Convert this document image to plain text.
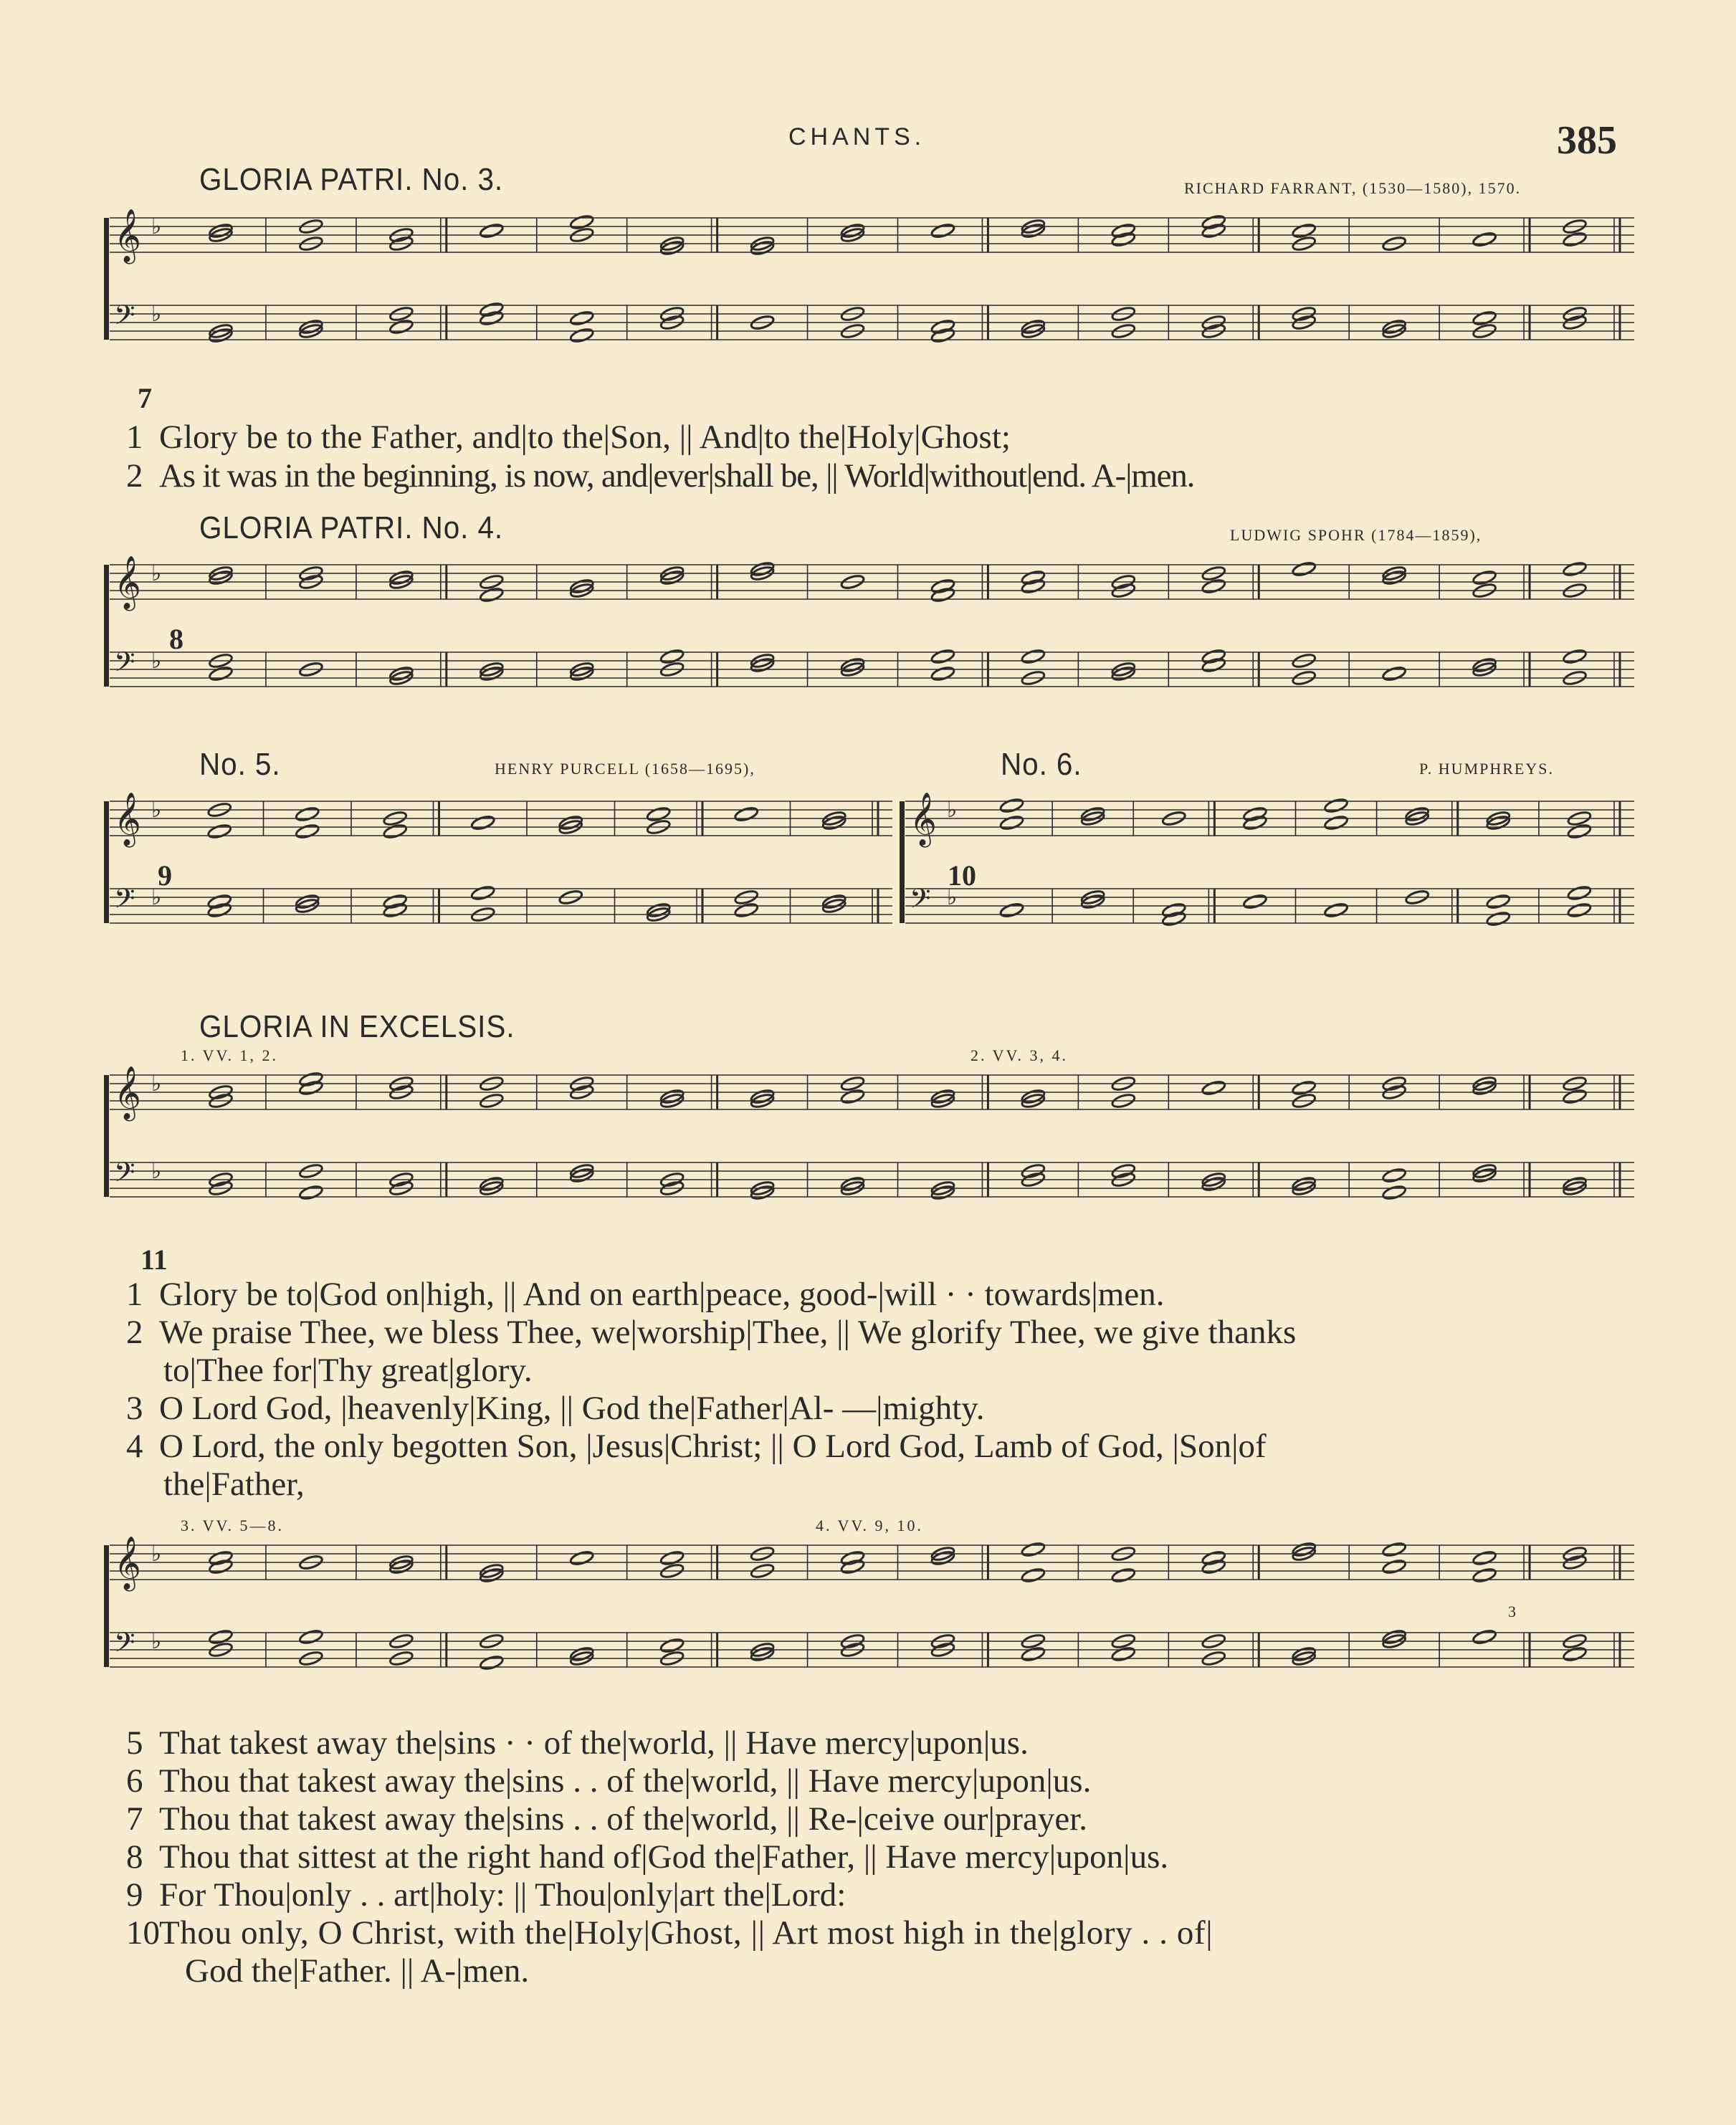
CHANTS.	385
GLORIA PATRI. No. 3.	RICHARD FARRANT, (1530—1580), 1570.
𝄞 ♭
𝄢 ♭
7
1 Glory be to the Father, and|to the|Son, || And|to the|Holy|Ghost;
2 As it was in the beginning, is now, and|ever|shall be, || World|without|end. A-|men.
GLORIA PATRI. No. 4.	LUDWIG SPOHR (1784—1859),
𝄞 ♭
𝄢 ♭
8
No. 5.	HENRY PURCELL (1658—1695),
𝄞 ♭
𝄢 ♭
9
No. 6.	P. HUMPHREYS.
𝄞 ♭
𝄢 ♭
10
GLORIA IN EXCELSIS.
1. VV. 1, 2.	2. VV. 3, 4.
𝄞 ♭
𝄢 ♭
11
1 Glory be to|God on|high, || And on earth|peace, good-|will · · towards|men.
2 We praise Thee, we bless Thee, we|worship|Thee, || We glorify Thee, we give thanks
to|Thee for|Thy great|glory.
3 O Lord God, |heavenly|King, || God the|Father|Al- —|mighty.
4 O Lord, the only begotten Son, |Jesus|Christ; || O Lord God, Lamb of God, |Son|of
the|Father,
3. VV. 5—8.	4. VV. 9, 10.
𝄞 ♭
𝄢 ♭
3
5 That takest away the|sins · · of the|world, || Have mercy|upon|us.
6 Thou that takest away the|sins . . of the|world, || Have mercy|upon|us.
7 Thou that takest away the|sins . . of the|world, || Re-|ceive our|prayer.
8 Thou that sittest at the right hand of|God the|Father, || Have mercy|upon|us.
9 For Thou|only . . art|holy: || Thou|only|art the|Lord:
10Thou only, O Christ, with the|Holy|Ghost, || Art most high in the|glory . . of|
God the|Father. || A-|men.
